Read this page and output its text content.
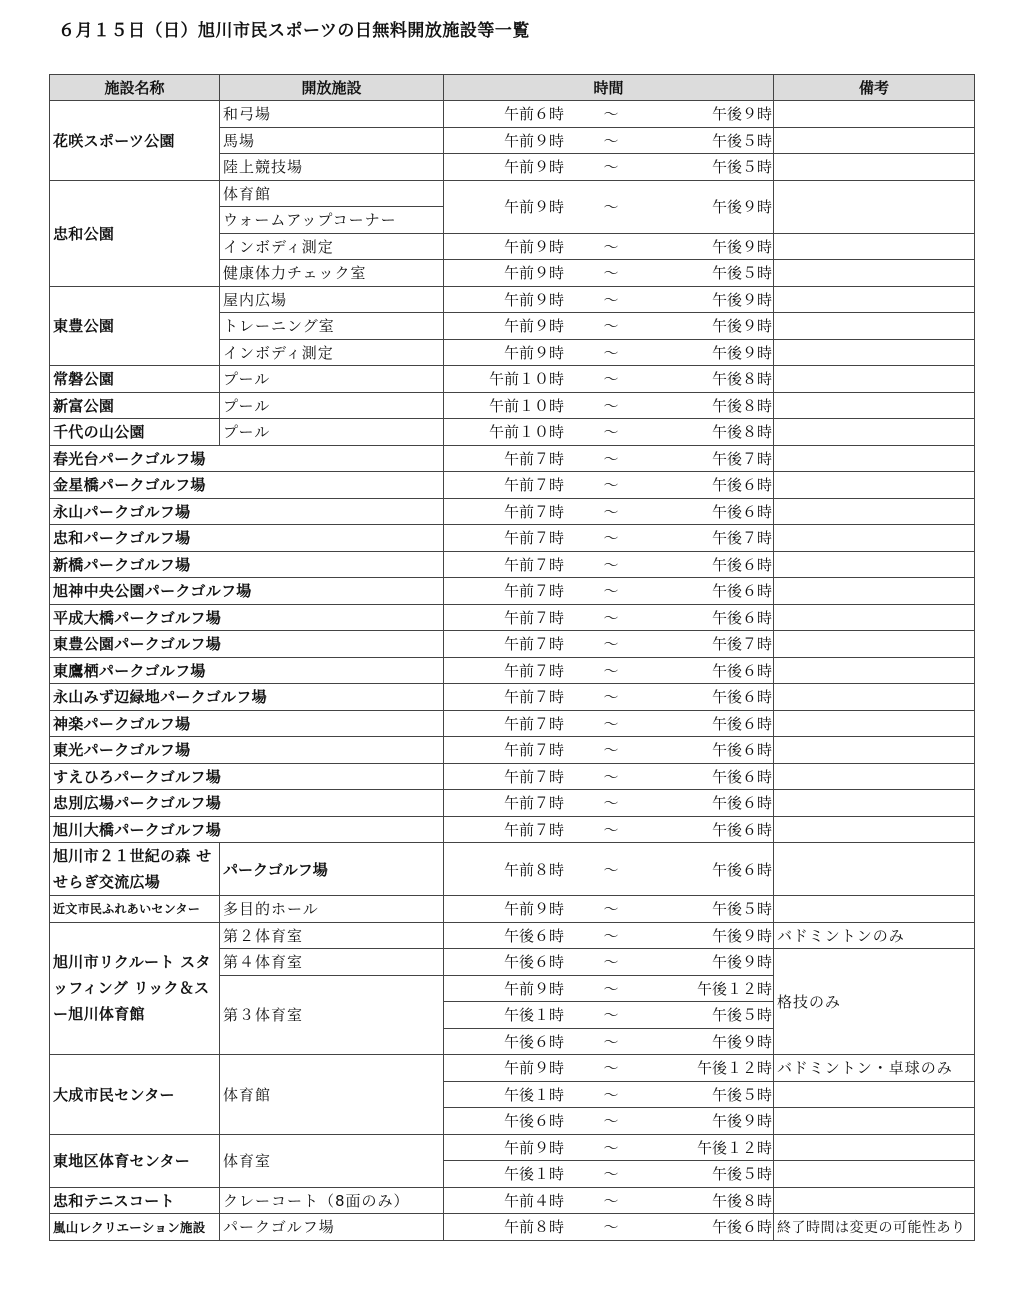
６月１５日（日）旭川市民スポーツの日無料開放施設等一覧
施設名称	開放施設	時間	備考
花咲スポーツ公園	和弓場	午前６時 ～ 午後９時	

	馬場	午前９時 ～ 午後５時	

	陸上競技場	午前９時 ～ 午後５時	

忠和公園	体育館	午前９時 ～ 午後９時	

	ウォームアップコーナー		
	インボディ測定	午前９時 ～ 午後９時	

	健康体力チェック室	午前９時 ～ 午後５時	

東豊公園	屋内広場	午前９時 ～ 午後９時	

	トレーニング室	午前９時 ～ 午後９時	

	インボディ測定	午前９時 ～ 午後９時	

常磐公園	プール	午前１０時 ～ 午後８時	

新富公園	プール	午前１０時 ～ 午後８時	

千代の山公園	プール	午前１０時 ～ 午後８時	

春光台パークゴルフ場		午前７時 ～ 午後７時	

金星橋パークゴルフ場		午前７時 ～ 午後６時	

永山パークゴルフ場		午前７時 ～ 午後６時	

忠和パークゴルフ場		午前７時 ～ 午後７時	

新橋パークゴルフ場		午前７時 ～ 午後６時	

旭神中央公園パークゴルフ場		午前７時 ～ 午後６時	

平成大橋パークゴルフ場		午前７時 ～ 午後６時	

東豊公園パークゴルフ場		午前７時 ～ 午後７時	

東鷹栖パークゴルフ場		午前７時 ～ 午後６時	

永山みず辺緑地パークゴルフ場		午前７時 ～ 午後６時	

神楽パークゴルフ場		午前７時 ～ 午後６時	

東光パークゴルフ場		午前７時 ～ 午後６時	

すえひろパークゴルフ場		午前７時 ～ 午後６時	

忠別広場パークゴルフ場		午前７時 ～ 午後６時	

旭川大橋パークゴルフ場		午前７時 ～ 午後６時	

旭川市２１世紀の森 せせらぎ交流広場	パークゴルフ場	午前８時 ～ 午後６時	

近文市民ふれあいセンター	多目的ホール	午前９時 ～ 午後５時	

旭川市リクルート スタッフィング リック＆スー旭川体育館	第２体育室	午後６時 ～ 午後９時	バドミントンのみ
	第４体育室	午後６時 ～ 午後９時	格技のみ
	第３体育室	午前９時 ～ 午後１２時	

		午後１時 ～ 午後５時	

		午後６時 ～ 午後９時	

大成市民センター	体育館	午前９時 ～ 午後１２時	バドミントン・卓球のみ

		午後１時 ～ 午後５時	

		午後６時 ～ 午後９時	

東地区体育センター	体育室	午前９時 ～ 午後１２時	

		午後１時 ～ 午後５時	

忠和テニスコート	クレーコート（8面のみ）	午前４時 ～ 午後８時	

嵐山レクリエーション施設	パークゴルフ場	午前８時 ～ 午後６時	終了時間は変更の可能性あり
